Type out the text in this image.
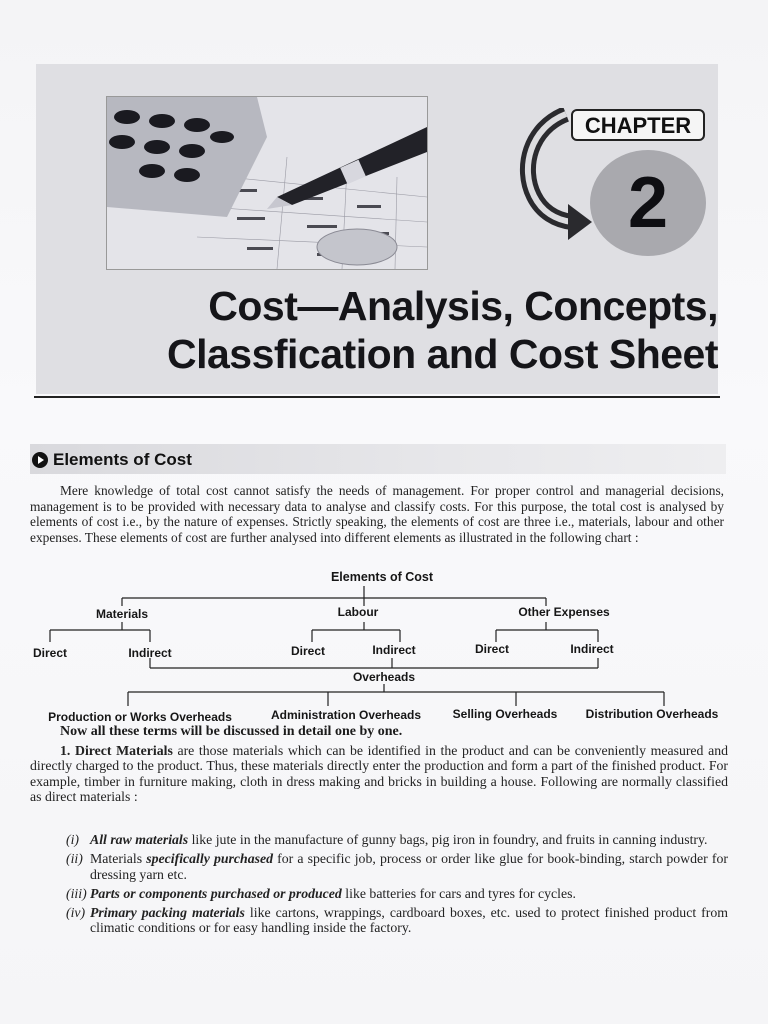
CHAPTER
2
Cost—Analysis, Concepts,
Classfication and Cost Sheet
Elements of Cost

Mere knowledge of total cost cannot satisfy the needs of management. For proper control and managerial decisions, management is to be provided with necessary data to analyse and classify costs. For this purpose, the total cost is analysed by elements of cost i.e., by the nature of expenses. Strictly speaking, the elements of cost are three i.e., materials, labour and other expenses. These elements of cost are further analysed into different elements as illustrated in the following chart :

Elements of Cost
Materials	Labour	Other Expenses
Direct	Indirect	Direct	Indirect	Direct	Indirect
Overheads
Production or Works Overheads	Administration Overheads	Selling Overheads Distribution Overheads
Now all these terms will be discussed in detail one by one.

1. Direct Materials are those materials which can be identified in the product and can be conveniently measured and directly charged to the product. Thus, these materials directly enter the production and form a part of the finished product. For example, timber in furniture making, cloth in dress making and bricks in building a house. Following are normally classified as direct materials :

(i) All raw materials like jute in the manufacture of gunny bags, pig iron in foundry, and fruits in canning industry.
(ii) Materials specifically purchased for a specific job, process or order like glue for book-binding, starch powder for dressing yarn etc.
(iii) Parts or components purchased or produced like batteries for cars and tyres for cycles.
(iv) Primary packing materials like cartons, wrappings, cardboard boxes, etc. used to protect finished product from climatic conditions or for easy handling inside the factory.
